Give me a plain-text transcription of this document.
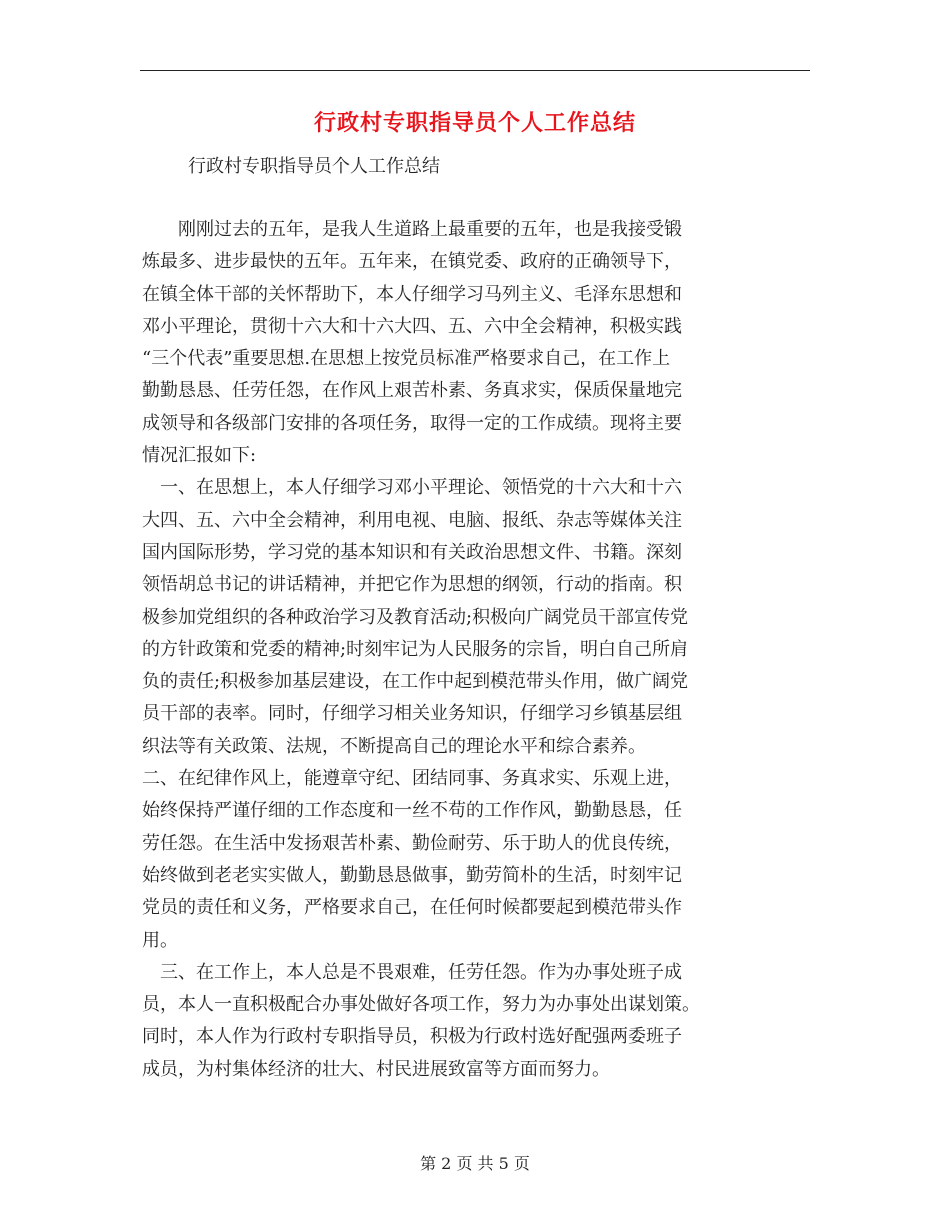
行政村专职指导员个人工作总结
行政村专职指导员个人工作总结
　　刚刚过去的五年，是我人生道路上最重要的五年，也是我接受锻
炼最多、进步最快的五年。五年来，在镇党委、政府的正确领导下，
在镇全体干部的关怀帮助下，本人仔细学习马列主义、毛泽东思想和
邓小平理论，贯彻十六大和十六大四、五、六中全会精神，积极实践
“三个代表”重要思想.在思想上按党员标准严格要求自己，在工作上
勤勤恳恳、任劳任怨，在作风上艰苦朴素、务真求实，保质保量地完
成领导和各级部门安排的各项任务，取得一定的工作成绩。现将主要
情况汇报如下:
　一、在思想上，本人仔细学习邓小平理论、领悟党的十六大和十六
大四、五、六中全会精神，利用电视、电脑、报纸、杂志等媒体关注
国内国际形势，学习党的基本知识和有关政治思想文件、书籍。深刻
领悟胡总书记的讲话精神，并把它作为思想的纲领，行动的指南。积
极参加党组织的各种政治学习及教育活动;积极向广阔党员干部宣传党
的方针政策和党委的精神;时刻牢记为人民服务的宗旨，明白自己所肩
负的责任;积极参加基层建设，在工作中起到模范带头作用，做广阔党
员干部的表率。同时，仔细学习相关业务知识，仔细学习乡镇基层组
织法等有关政策、法规，不断提高自己的理论水平和综合素养。
二、在纪律作风上，能遵章守纪、团结同事、务真求实、乐观上进，
始终保持严谨仔细的工作态度和一丝不苟的工作作风，勤勤恳恳，任
劳任怨。在生活中发扬艰苦朴素、勤俭耐劳、乐于助人的优良传统，
始终做到老老实实做人，勤勤恳恳做事，勤劳简朴的生活，时刻牢记
党员的责任和义务，严格要求自己，在任何时候都要起到模范带头作
用。
　三、在工作上，本人总是不畏艰难，任劳任怨。作为办事处班子成
员，本人一直积极配合办事处做好各项工作，努力为办事处出谋划策。
同时，本人作为行政村专职指导员，积极为行政村选好配强两委班子
成员，为村集体经济的壮大、村民进展致富等方面而努力。
第 2 页 共 5 页
